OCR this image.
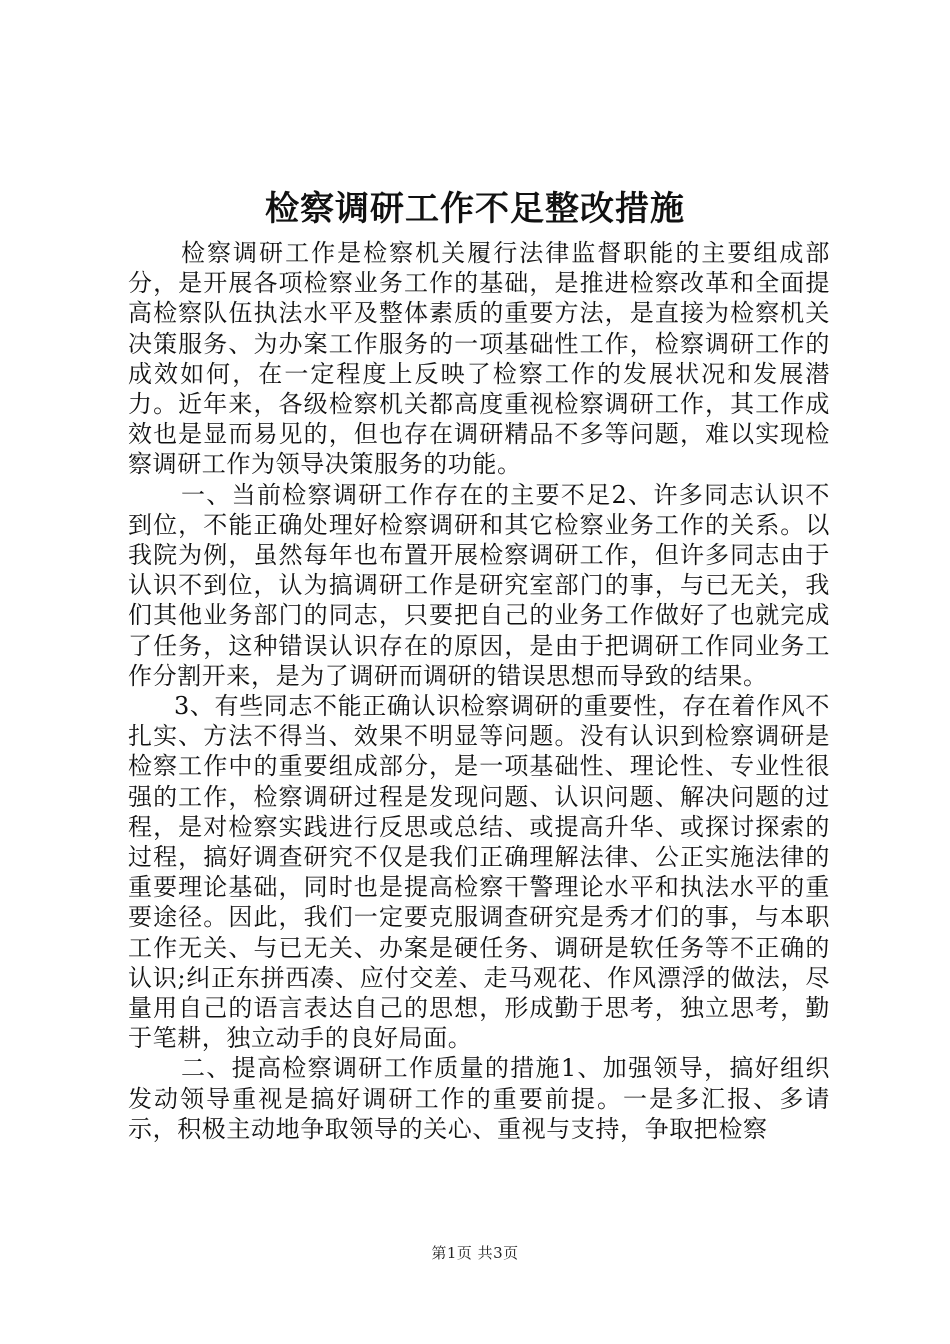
检察调研工作不足整改措施

检察调研工作是检察机关履行法律监督职能的主要组成部分，是开展各项检察业务工作的基础，是推进检察改革和全面提高检察队伍执法水平及整体素质的重要方法，是直接为检察机关决策服务、为办案工作服务的一项基础性工作，检察调研工作的成效如何，在一定程度上反映了检察工作的发展状况和发展潜力。近年来，各级检察机关都高度重视检察调研工作，其工作成效也是显而易见的，但也存在调研精品不多等问题，难以实现检察调研工作为领导决策服务的功能。

一、当前检察调研工作存在的主要不足2、许多同志认识不到位，不能正确处理好检察调研和其它检察业务工作的关系。以我院为例，虽然每年也布置开展检察调研工作，但许多同志由于认识不到位，认为搞调研工作是研究室部门的事，与已无关，我们其他业务部门的同志，只要把自己的业务工作做好了也就完成了任务，这种错误认识存在的原因，是由于把调研工作同业务工作分割开来，是为了调研而调研的错误思想而导致的结果。

3、有些同志不能正确认识检察调研的重要性，存在着作风不扎实、方法不得当、效果不明显等问题。没有认识到检察调研是检察工作中的重要组成部分，是一项基础性、理论性、专业性很强的工作，检察调研过程是发现问题、认识问题、解决问题的过程，是对检察实践进行反思或总结、或提高升华、或探讨探索的过程，搞好调查研究不仅是我们正确理解法律、公正实施法律的重要理论基础，同时也是提高检察干警理论水平和执法水平的重要途径。因此，我们一定要克服调查研究是秀才们的事，与本职工作无关、与已无关、办案是硬任务、调研是软任务等不正确的认识;纠正东拼西凑、应付交差、走马观花、作风漂浮的做法，尽量用自己的语言表达自己的思想，形成勤于思考，独立思考，勤于笔耕，独立动手的良好局面。

二、提高检察调研工作质量的措施1、加强领导，搞好组织发动领导重视是搞好调研工作的重要前提。一是多汇报、多请示，积极主动地争取领导的关心、重视与支持，争取把检察

第1页 共3页
